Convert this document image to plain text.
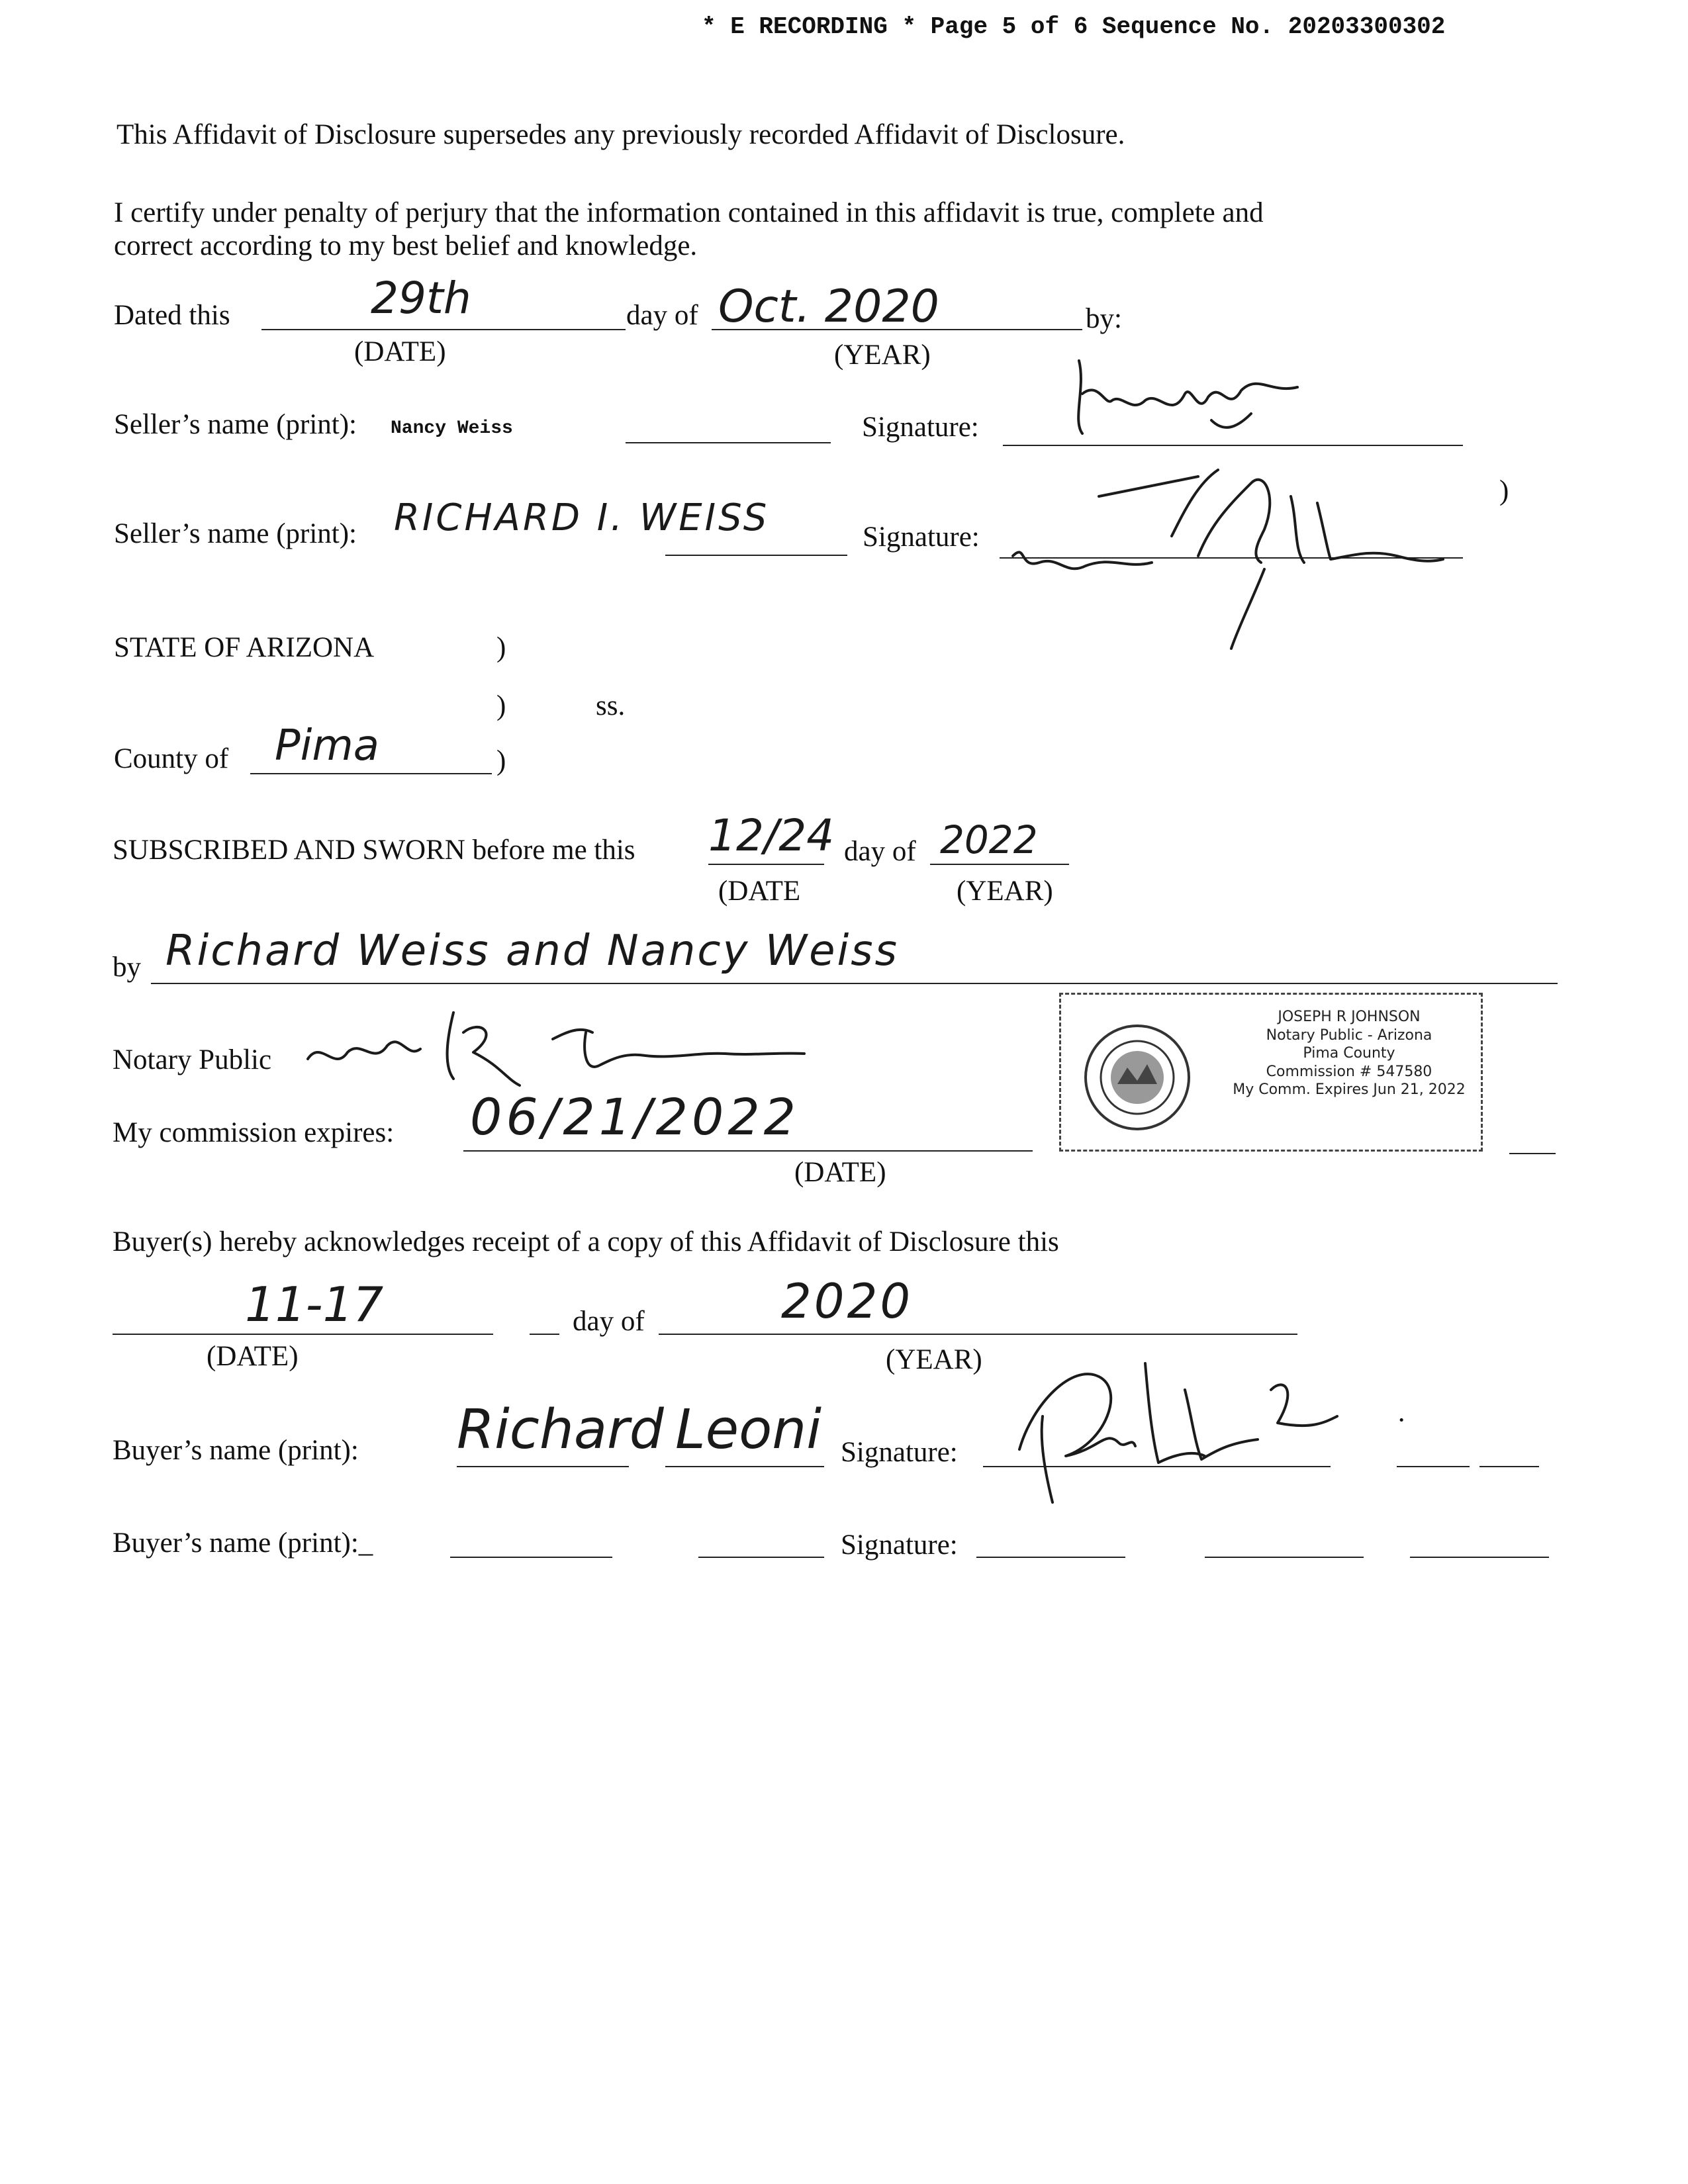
* E RECORDING * Page 5 of 6 Sequence No. 20203300302
This Affidavit of Disclosure supersedes any previously recorded Affidavit of Disclosure.
I certify under penalty of perjury that the information contained in this affidavit is true, complete and
correct according to my best belief and knowledge.
Dated this	29th	day of Oct. 2020	by:
(DATE)	(YEAR)
Seller’s name (print): Nancy Weiss	Signature:
Seller’s name (print): RICHARD I. WEISS	Signature:
)
STATE OF ARIZONA	)
)	ss.
County of Pima	)
SUBSCRIBED AND SWORN before me this 12/24 day of 2022
(DATE	(YEAR)
by Richard Weiss and Nancy Weiss
Notary Public
My commission expires: 06/21/2022
(DATE)
JOSEPH R JOHNSON
Notary Public - Arizona
Pima County
Commission # 547580
My Comm. Expires Jun 21, 2022
Buyer(s) hereby acknowledges receipt of a copy of this Affidavit of Disclosure this
11-17	day of	2020
(DATE)	(YEAR)
Buyer’s name (print): Richard Leoni Signature:
·
Buyer’s name (print):_	Signature:
